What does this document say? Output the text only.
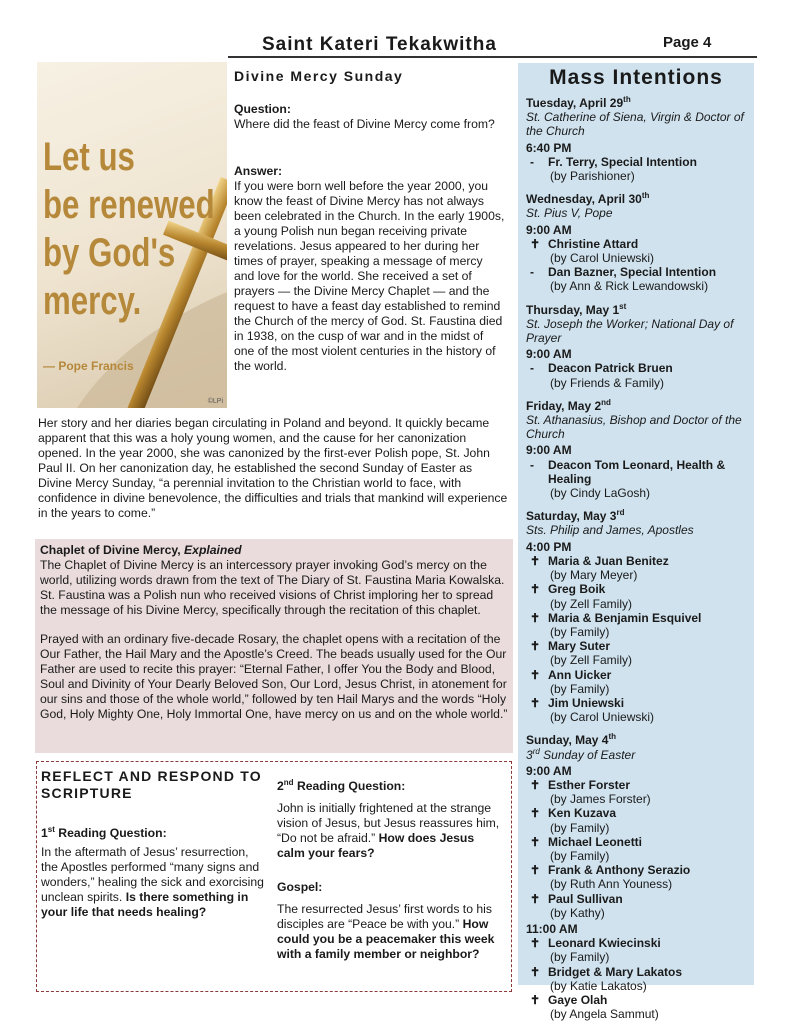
Saint Kateri Tekakwitha	Page 4
Let us
be renewed
by God's
mercy.
— Pope Francis
©LPi
Divine Mercy Sunday
Question:
Where did the feast of Divine Mercy come from?
Answer:
If you were born well before the year 2000, you know the feast of Divine Mercy has not always been celebrated in the Church. In the early 1900s, a young Polish nun began receiving private revelations. Jesus appeared to her during her times of prayer, speaking a message of mercy and love for the world. She received a set of prayers — the Divine Mercy Chaplet — and the request to have a feast day established to remind the Church of the mercy of God. St. Faustina died in 1938, on the cusp of war and in the midst of one of the most violent centuries in the history of the world.
Her story and her diaries began circulating in Poland and beyond. It quickly became apparent that this was a holy young women, and the cause for her canonization opened. In the year 2000, she was canonized by the first-ever Polish pope, St. John Paul II. On her canonization day, he established the second Sunday of Easter as Divine Mercy Sunday, “a perennial invitation to the Christian world to face, with confidence in divine benevolence, the difficulties and trials that mankind will experience in the years to come.”
Chaplet of Divine Mercy, Explained
The Chaplet of Divine Mercy is an intercessory prayer invoking God’s mercy on the world, utilizing words drawn from the text of The Diary of St. Faustina Maria Kowalska. St. Faustina was a Polish nun who received visions of Christ imploring her to spread the message of his Divine Mercy, specifically through the recitation of this chaplet.
Prayed with an ordinary five-decade Rosary, the chaplet opens with a recitation of the Our Father, the Hail Mary and the Apostle’s Creed. The beads usually used for the Our Father are used to recite this prayer: “Eternal Father, I offer You the Body and Blood, Soul and Divinity of Your Dearly Beloved Son, Our Lord, Jesus Christ, in atonement for our sins and those of the whole world,” followed by ten Hail Marys and the words “Holy God, Holy Mighty One, Holy Immortal One, have mercy on us and on the whole world.”
REFLECT AND RESPOND TO SCRIPTURE
1st Reading Question:
In the aftermath of Jesus’ resurrection, the Apostles performed “many signs and wonders,” healing the sick and exorcising unclean spirits. Is there something in your life that needs healing?
2nd Reading Question:
John is initially frightened at the strange vision of Jesus, but Jesus reassures him, “Do not be afraid.” How does Jesus calm your fears?
Gospel:
The resurrected Jesus’ first words to his disciples are “Peace be with you.” How could you be a peacemaker this week with a family member or neighbor?
Mass Intentions
Tuesday, April 29th
St. Catherine of Siena, Virgin & Doctor of the Church
6:40 PM
- Fr. Terry, Special Intention
(by Parishioner)
Wednesday, April 30th
St. Pius V, Pope
9:00 AM
✝ Christine Attard
(by Carol Uniewski)
- Dan Bazner, Special Intention
(by Ann & Rick Lewandowski)
Thursday, May 1st
St. Joseph the Worker; National Day of Prayer
9:00 AM
- Deacon Patrick Bruen
(by Friends & Family)
Friday, May 2nd
St. Athanasius, Bishop and Doctor of the Church
9:00 AM
- Deacon Tom Leonard, Health & Healing
(by Cindy LaGosh)
Saturday, May 3rd
Sts. Philip and James, Apostles
4:00 PM
✝ Maria & Juan Benitez
(by Mary Meyer)
✝ Greg Boik
(by Zell Family)
✝ Maria & Benjamin Esquivel
(by Family)
✝ Mary Suter
(by Zell Family)
✝ Ann Uicker
(by Family)
✝ Jim Uniewski
(by Carol Uniewski)
Sunday, May 4th
3rd Sunday of Easter
9:00 AM
✝ Esther Forster
(by James Forster)
✝ Ken Kuzava
(by Family)
✝ Michael Leonetti
(by Family)
✝ Frank & Anthony Serazio
(by Ruth Ann Youness)
✝ Paul Sullivan
(by Kathy)
11:00 AM
✝ Leonard Kwiecinski
(by Family)
✝ Bridget & Mary Lakatos
(by Katie Lakatos)
✝ Gaye Olah
(by Angela Sammut)
